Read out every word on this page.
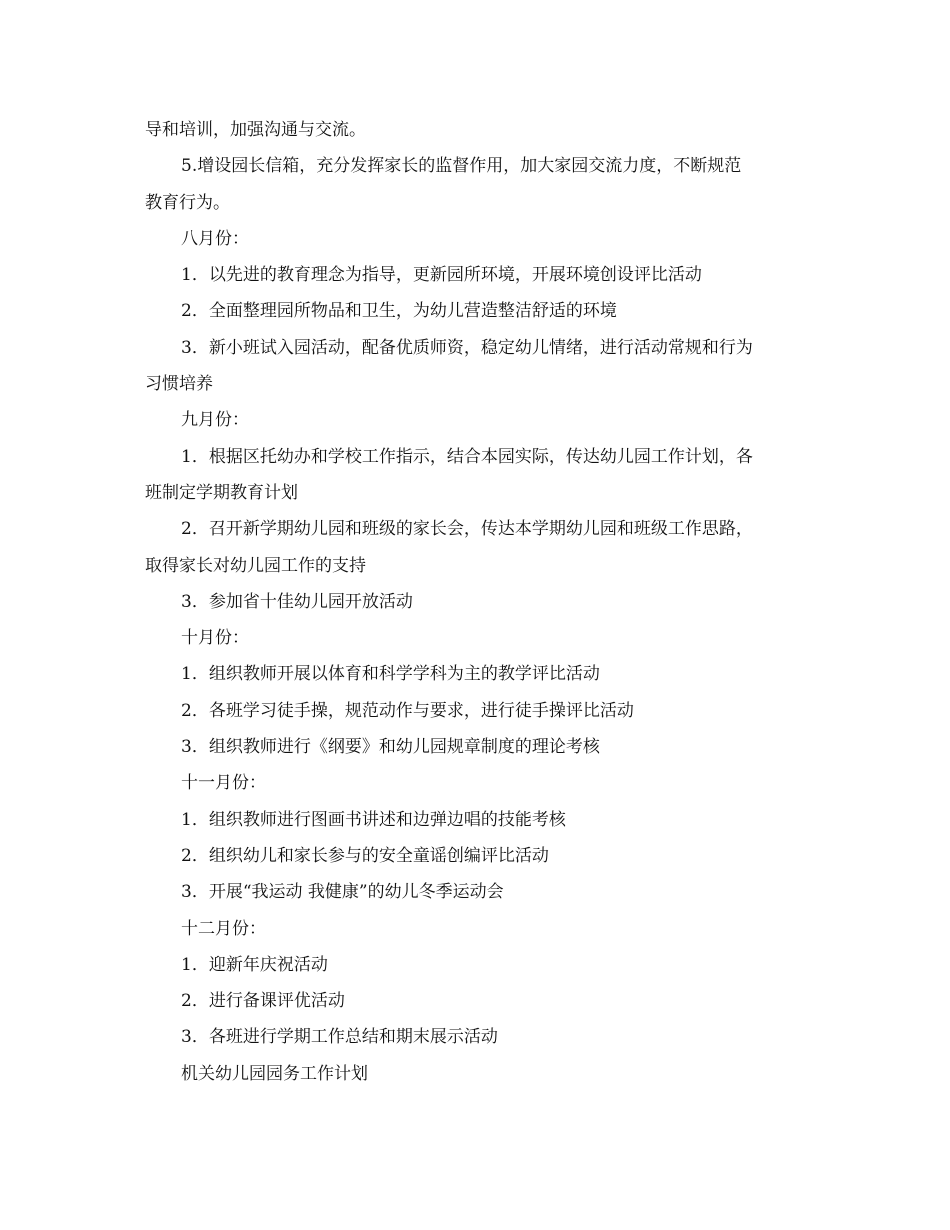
导和培训，加强沟通与交流。
5.增设园长信箱，充分发挥家长的监督作用，加大家园交流力度，不断规范
教育行为。
八月份：
1．以先进的教育理念为指导，更新园所环境，开展环境创设评比活动
2．全面整理园所物品和卫生，为幼儿营造整洁舒适的环境
3．新小班试入园活动，配备优质师资，稳定幼儿情绪，进行活动常规和行为
习惯培养
九月份：
1．根据区托幼办和学校工作指示，结合本园实际，传达幼儿园工作计划，各
班制定学期教育计划
2．召开新学期幼儿园和班级的家长会，传达本学期幼儿园和班级工作思路，
取得家长对幼儿园工作的支持
3．参加省十佳幼儿园开放活动
十月份：
1．组织教师开展以体育和科学学科为主的教学评比活动
2．各班学习徒手操，规范动作与要求，进行徒手操评比活动
3．组织教师进行《纲要》和幼儿园规章制度的理论考核
十一月份：
1．组织教师进行图画书讲述和边弹边唱的技能考核
2．组织幼儿和家长参与的安全童谣创编评比活动
3．开展“我运动 我健康”的幼儿冬季运动会
十二月份：
1．迎新年庆祝活动
2．进行备课评优活动
3．各班进行学期工作总结和期末展示活动
机关幼儿园园务工作计划
